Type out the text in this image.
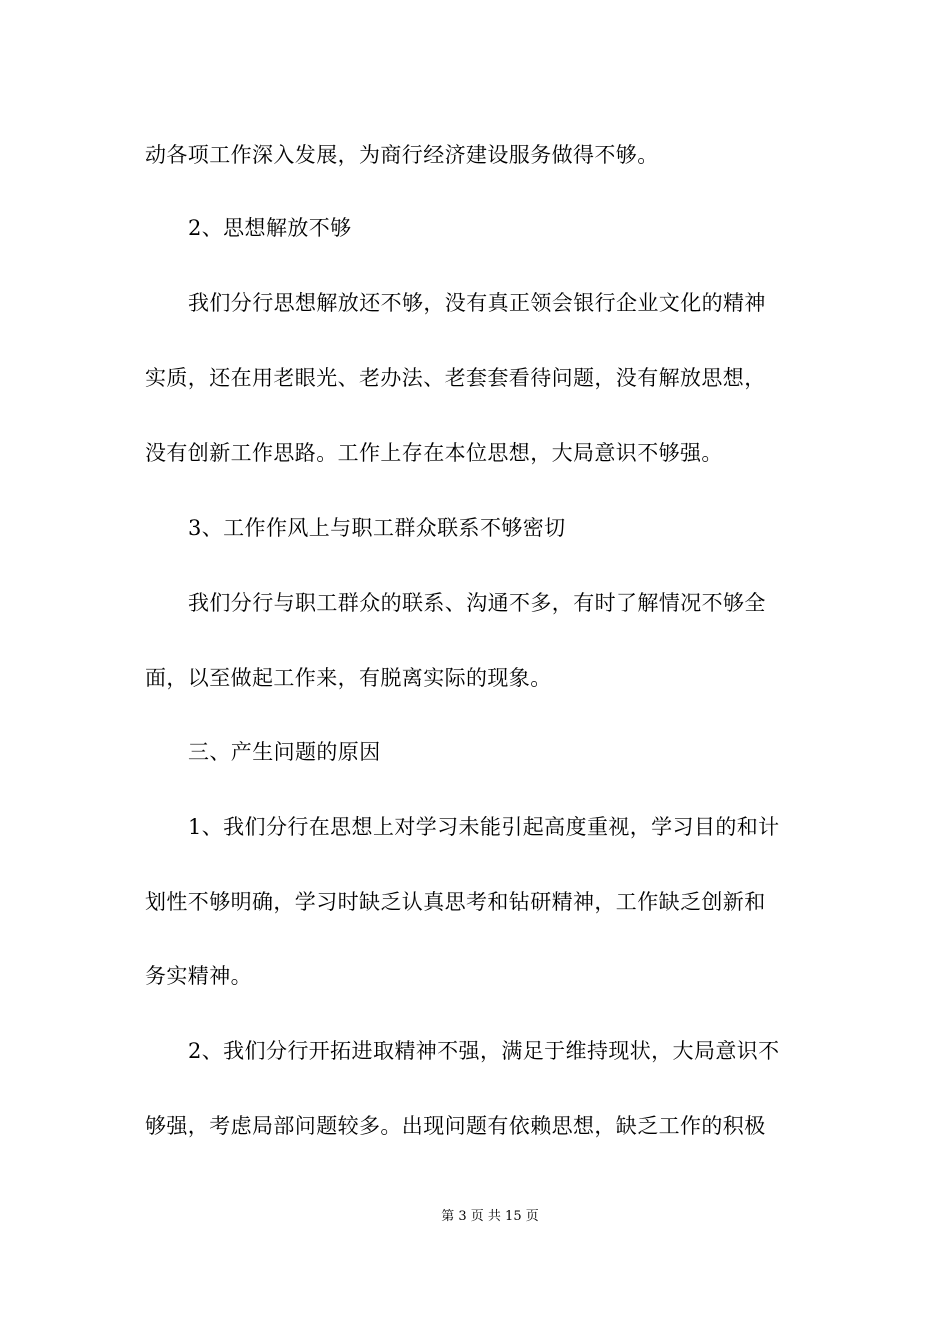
动各项工作深入发展，为商行经济建设服务做得不够。
2、思想解放不够
我们分行思想解放还不够，没有真正领会银行企业文化的精神
实质，还在用老眼光、老办法、老套套看待问题，没有解放思想，
没有创新工作思路。工作上存在本位思想，大局意识不够强。
3、工作作风上与职工群众联系不够密切
我们分行与职工群众的联系、沟通不多，有时了解情况不够全
面，以至做起工作来，有脱离实际的现象。
三、产生问题的原因
1、我们分行在思想上对学习未能引起高度重视，学习目的和计
划性不够明确，学习时缺乏认真思考和钻研精神，工作缺乏创新和
务实精神。
2、我们分行开拓进取精神不强，满足于维持现状，大局意识不
够强，考虑局部问题较多。出现问题有依赖思想，缺乏工作的积极
第 3 页 共 15 页
